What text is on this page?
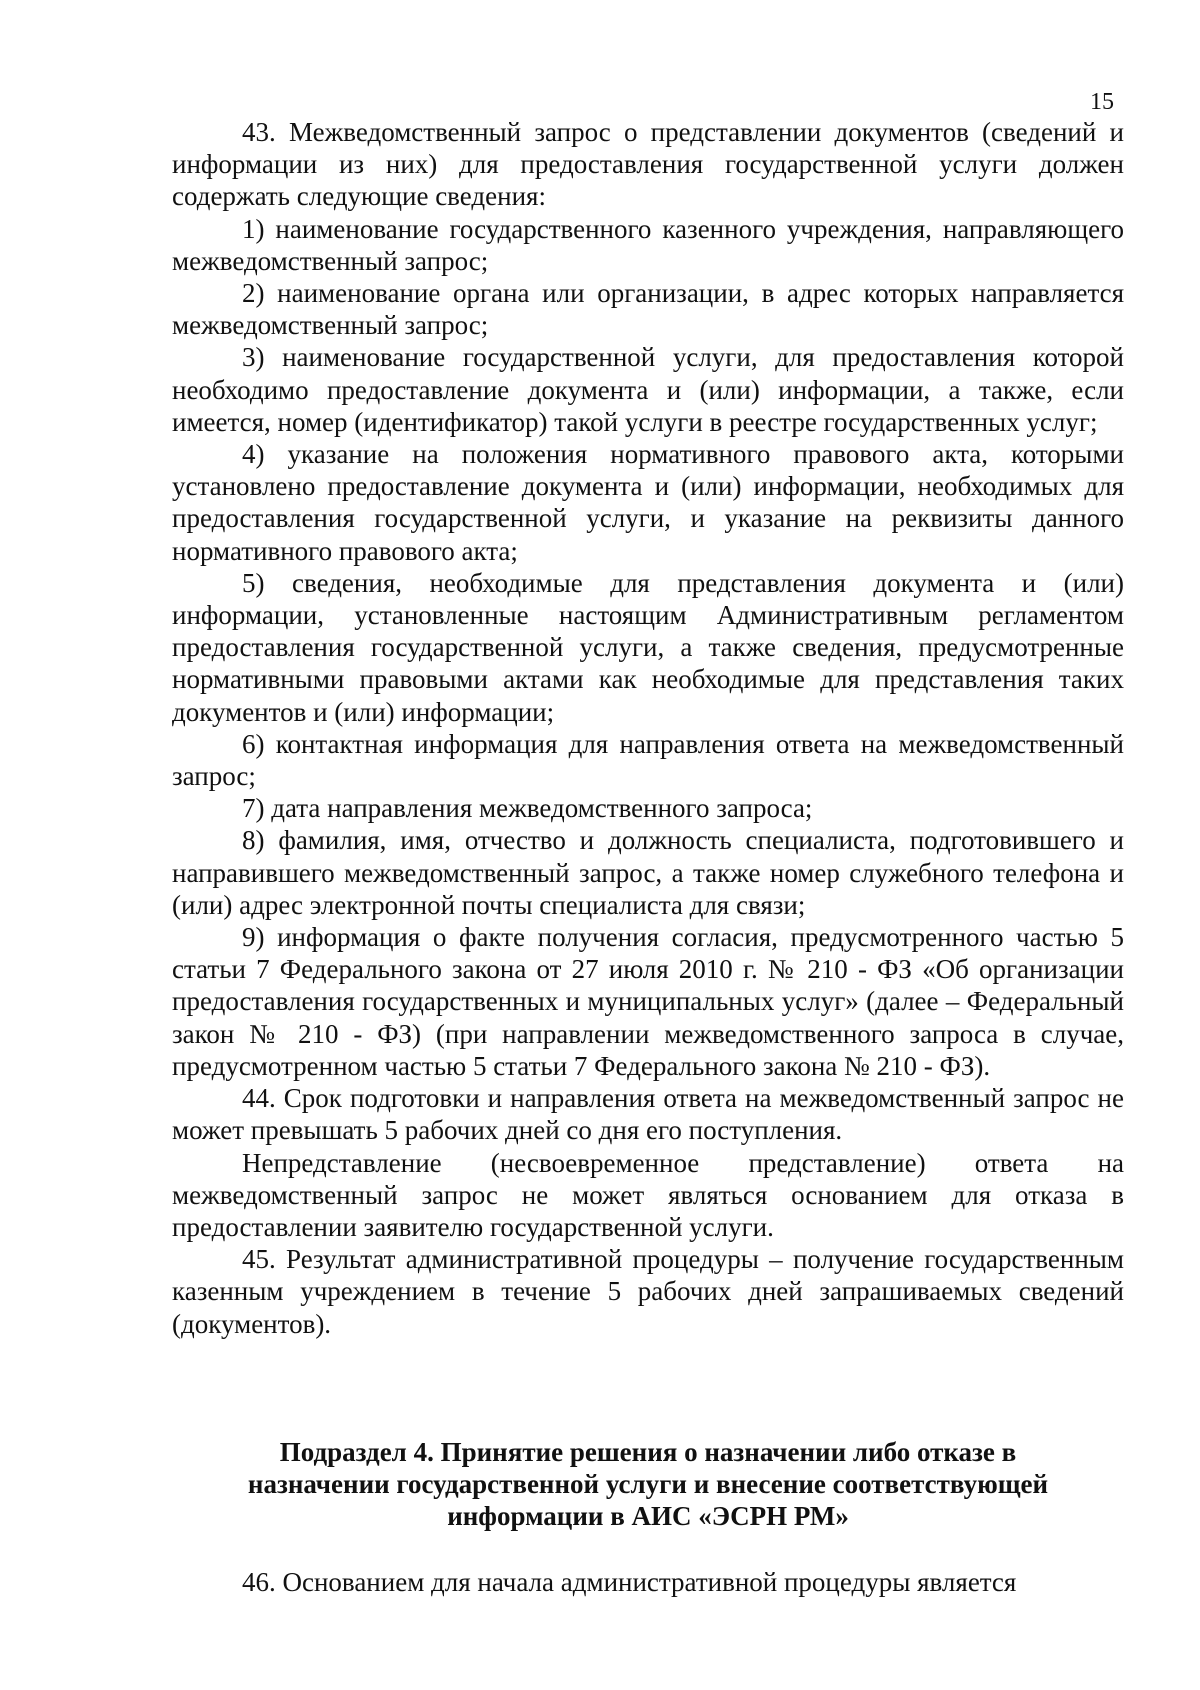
15

43. Межведомственный запрос о представлении документов (сведений и информации из них) для предоставления государственной услуги должен содержать следующие сведения:

1) наименование государственного казенного учреждения, направляющего межведомственный запрос;

2) наименование органа или организации, в адрес которых направляется межведомственный запрос;

3) наименование государственной услуги, для предоставления которой необходимо предоставление документа и (или) информации, а также, если имеется, номер (идентификатор) такой услуги в реестре государственных услуг;

4) указание на положения нормативного правового акта, которыми установлено предоставление документа и (или) информации, необходимых для предоставления государственной услуги, и указание на реквизиты данного нормативного правового акта;

5) сведения, необходимые для представления документа и (или) информации, установленные настоящим Административным регламентом предоставления государственной услуги, а также сведения, предусмотренные нормативными правовыми актами как необходимые для представления таких документов и (или) информации;

6) контактная информация для направления ответа на межведомственный запрос;

7) дата направления межведомственного запроса;

8) фамилия, имя, отчество и должность специалиста, подготовившего и направившего межведомственный запрос, а также номер служебного телефона и (или) адрес электронной почты специалиста для связи;

9) информация о факте получения согласия, предусмотренного частью 5 статьи 7 Федерального закона от 27 июля 2010 г. № 210 - ФЗ «Об организации предоставления государственных и муниципальных услуг» (далее – Федеральный закон № 210 - ФЗ) (при направлении межведомственного запроса в случае, предусмотренном частью 5 статьи 7 Федерального закона № 210 - ФЗ).

44. Срок подготовки и направления ответа на межведомственный запрос не может превышать 5 рабочих дней со дня его поступления.

Непредставление (несвоевременное представление) ответа на межведомственный запрос не может являться основанием для отказа в предоставлении заявителю государственной услуги.

45. Результат административной процедуры – получение государственным казенным учреждением в течение 5 рабочих дней запрашиваемых сведений (документов).

Подраздел 4. Принятие решения о назначении либо отказе в

назначении государственной услуги и внесение соответствующей

информации в АИС «ЭСРН РМ»

46. Основанием для начала административной процедуры является
